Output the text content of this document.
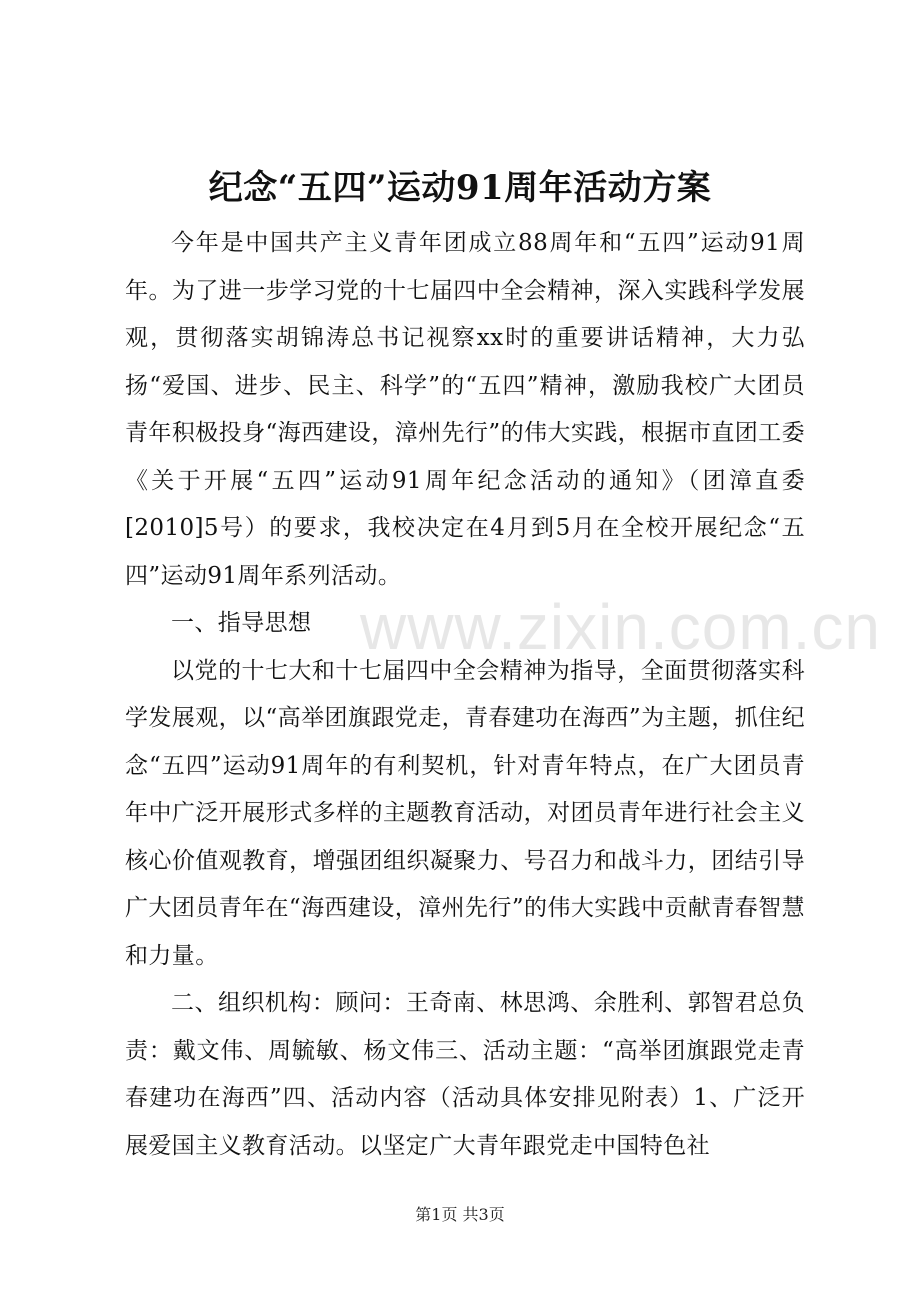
纪念“五四”运动91周年活动方案

今年是中国共产主义青年团成立88周年和“五四”运动91周年。为了进一步学习党的十七届四中全会精神，深入实践科学发展观，贯彻落实胡锦涛总书记视察xx时的重要讲话精神，大力弘扬“爱国、进步、民主、科学”的“五四”精神，激励我校广大团员青年积极投身“海西建设，漳州先行”的伟大实践，根据市直团工委《关于开展“五四”运动91周年纪念活动的通知》（团漳直委[2010]5号）的要求，我校决定在4月到5月在全校开展纪念“五四”运动91周年系列活动。

一、指导思想

以党的十七大和十七届四中全会精神为指导，全面贯彻落实科学发展观，以“高举团旗跟党走，青春建功在海西”为主题，抓住纪念“五四”运动91周年的有利契机，针对青年特点，在广大团员青年中广泛开展形式多样的主题教育活动，对团员青年进行社会主义核心价值观教育，增强团组织凝聚力、号召力和战斗力，团结引导广大团员青年在“海西建设，漳州先行”的伟大实践中贡献青春智慧和力量。

二、组织机构：顾问：王奇南、林思鸿、余胜利、郭智君总负责：戴文伟、周毓敏、杨文伟三、活动主题：“高举团旗跟党走青春建功在海西”四、活动内容（活动具体安排见附表）1、广泛开展爱国主义教育活动。以坚定广大青年跟党走中国特色社

www.zixin.com.cn
第1页 共3页
